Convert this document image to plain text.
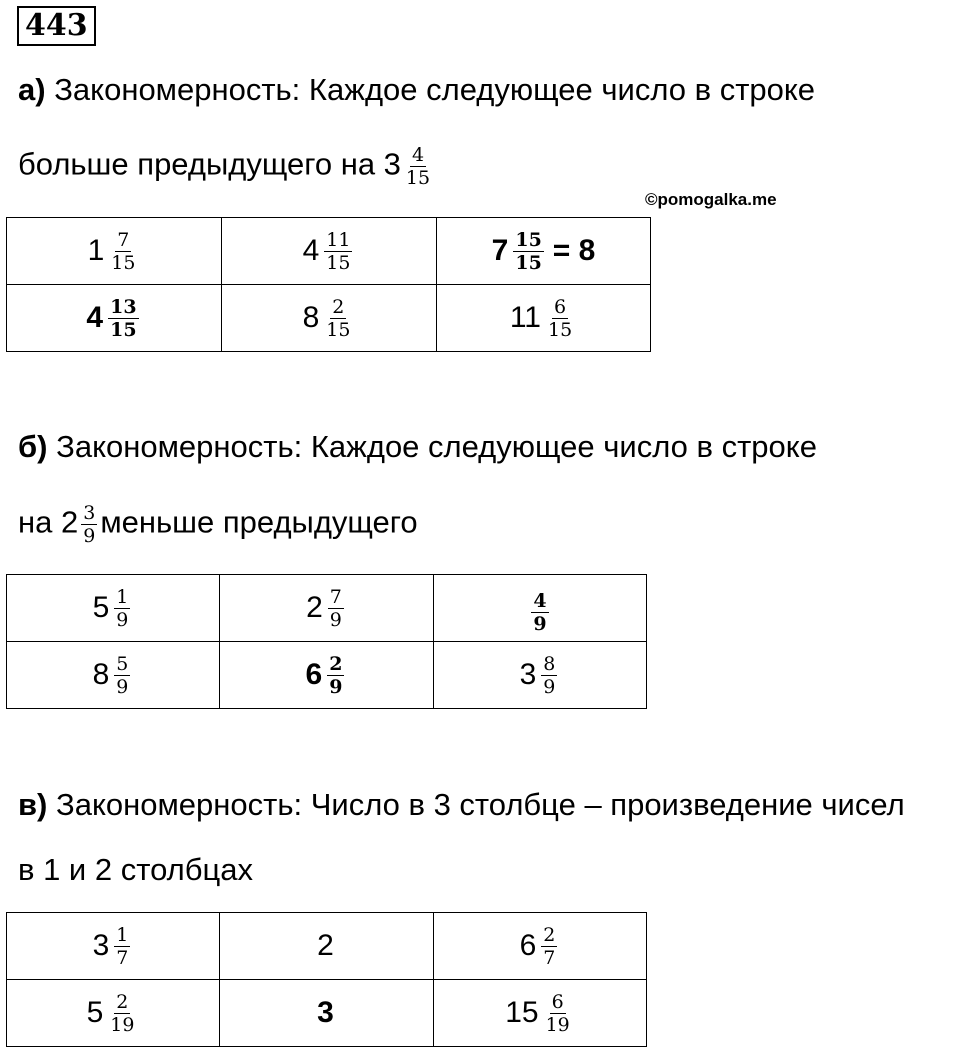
443
а) Закономерность: Каждое следующее число в строке
больше предыдущего на $3 \frac{4}{15}$
©pomogalka.me
$1 \frac{7}{15}$	$4 \frac{11}{15}$	$7 \frac{15}{15} = 8$

$4 \frac{13}{15}$	$8 \frac{2}{15}$	$11 \frac{6}{15}$
б) Закономерность: Каждое следующее число в строке
на $2 \frac{3}{9}$ меньше предыдущего
$5 \frac{1}{9}$	$2 \frac{7}{9}$	$\frac{4}{9}$

$8 \frac{5}{9}$	$6 \frac{2}{9}$	$3 \frac{8}{9}$
в) Закономерность: Число в 3 столбце – произведение чисел
в 1 и 2 столбцах
$3 \frac{1}{7}$	2	$6 \frac{2}{7}$

$5 \frac{2}{19}$	3	$15 \frac{6}{19}$
